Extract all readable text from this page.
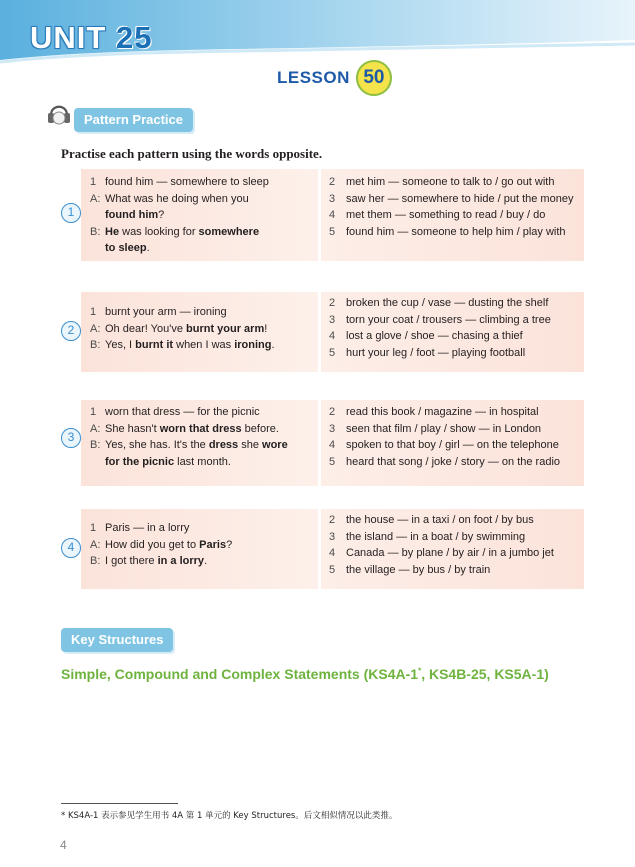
UNIT 25
LESSON 50
Pattern Practice
Practise each pattern using the words opposite.
1 found him — somewhere to sleep
A: What was he doing when you
found him?
B: He was looking for somewhere
to sleep.
2 met him — someone to talk to / go out with
3 saw her — somewhere to hide / put the money
4 met them — something to read / buy / do
5 found him — someone to help him / play with
1
1 burnt your arm — ironing
A: Oh dear! You've burnt your arm!
B: Yes, I burnt it when I was ironing.
2 broken the cup / vase — dusting the shelf
3 torn your coat / trousers — climbing a tree
4 lost a glove / shoe — chasing a thief
5 hurt your leg / foot — playing football
2
1 worn that dress — for the picnic
A: She hasn't worn that dress before.
B: Yes, she has. It's the dress she wore
for the picnic last month.
2 read this book / magazine — in hospital
3 seen that film / play / show — in London
4 spoken to that boy / girl — on the telephone
5 heard that song / joke / story — on the radio
3
1 Paris — in a lorry
A: How did you get to Paris?
B: I got there in a lorry.
2 the house — in a taxi / on foot / by bus
3 the island — in a boat / by swimming
4 Canada — by plane / by air / in a jumbo jet
5 the village — by bus / by train
4
Key Structures
Simple, Compound and Complex Statements (KS4A-1*, KS4B-25, KS5A-1)
* KS4A-1 表示参见学生用书 4A 第 1 单元的 Key Structures。后文相似情况以此类推。
4
